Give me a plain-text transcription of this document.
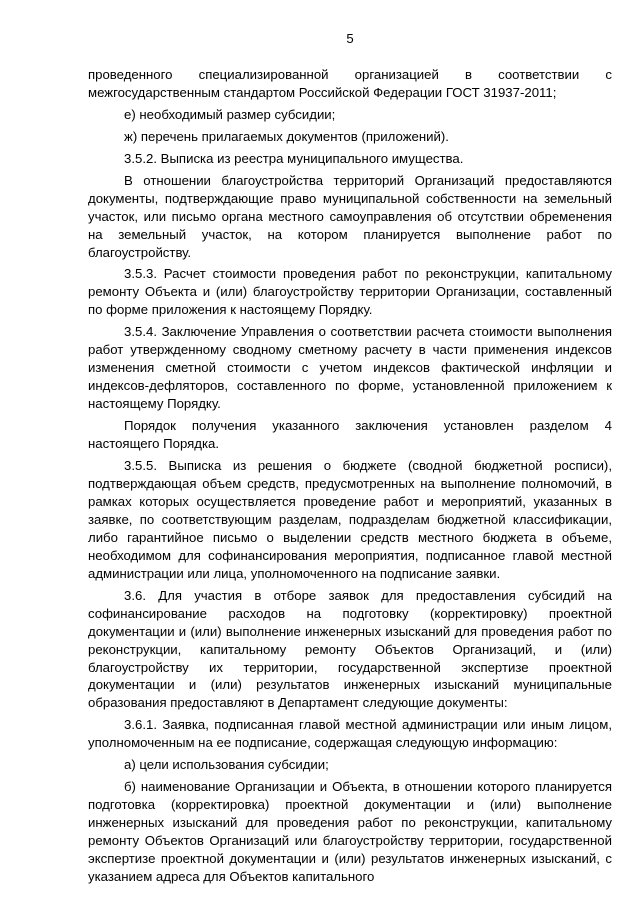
5

проведенного специализированной организацией в соответствии с межгосударственным стандартом Российской Федерации ГОСТ 31937-2011;

е) необходимый размер субсидии;

ж) перечень прилагаемых документов (приложений).

3.5.2. Выписка из реестра муниципального имущества.

В отношении благоустройства территорий Организаций предоставляются документы, подтверждающие право муниципальной собственности на земельный участок, или письмо органа местного самоуправления об отсутствии обременения на земельный участок, на котором планируется выполнение работ по благоустройству.

3.5.3. Расчет стоимости проведения работ по реконструкции, капитальному ремонту Объекта и (или) благоустройству территории Организации, составленный по форме приложения к настоящему Порядку.

3.5.4. Заключение Управления о соответствии расчета стоимости выполнения работ утвержденному сводному сметному расчету в части применения индексов изменения сметной стоимости с учетом индексов фактической инфляции и индексов-дефляторов, составленного по форме, установленной приложением к настоящему Порядку.

Порядок получения указанного заключения установлен разделом 4 настоящего Порядка.

3.5.5. Выписка из решения о бюджете (сводной бюджетной росписи), подтверждающая объем средств, предусмотренных на выполнение полномочий, в рамках которых осуществляется проведение работ и мероприятий, указанных в заявке, по соответствующим разделам, подразделам бюджетной классификации, либо гарантийное письмо о выделении средств местного бюджета в объеме, необходимом для софинансирования мероприятия, подписанное главой местной администрации или лица, уполномоченного на подписание заявки.

3.6. Для участия в отборе заявок для предоставления субсидий на софинансирование расходов на подготовку (корректировку) проектной документации и (или) выполнение инженерных изысканий для проведения работ по реконструкции, капитальному ремонту Объектов Организаций, и (или) благоустройству их территории, государственной экспертизе проектной документации и (или) результатов инженерных изысканий муниципальные образования предоставляют в Департамент следующие документы:

3.6.1. Заявка, подписанная главой местной администрации или иным лицом, уполномоченным на ее подписание, содержащая следующую информацию:

а) цели использования субсидии;

б) наименование Организации и Объекта, в отношении которого планируется подготовка (корректировка) проектной документации и (или) выполнение инженерных изысканий для проведения работ по реконструкции, капитальному ремонту Объектов Организаций или благоустройству территории, государственной экспертизе проектной документации и (или) результатов инженерных изысканий, с указанием адреса для Объектов капитального
